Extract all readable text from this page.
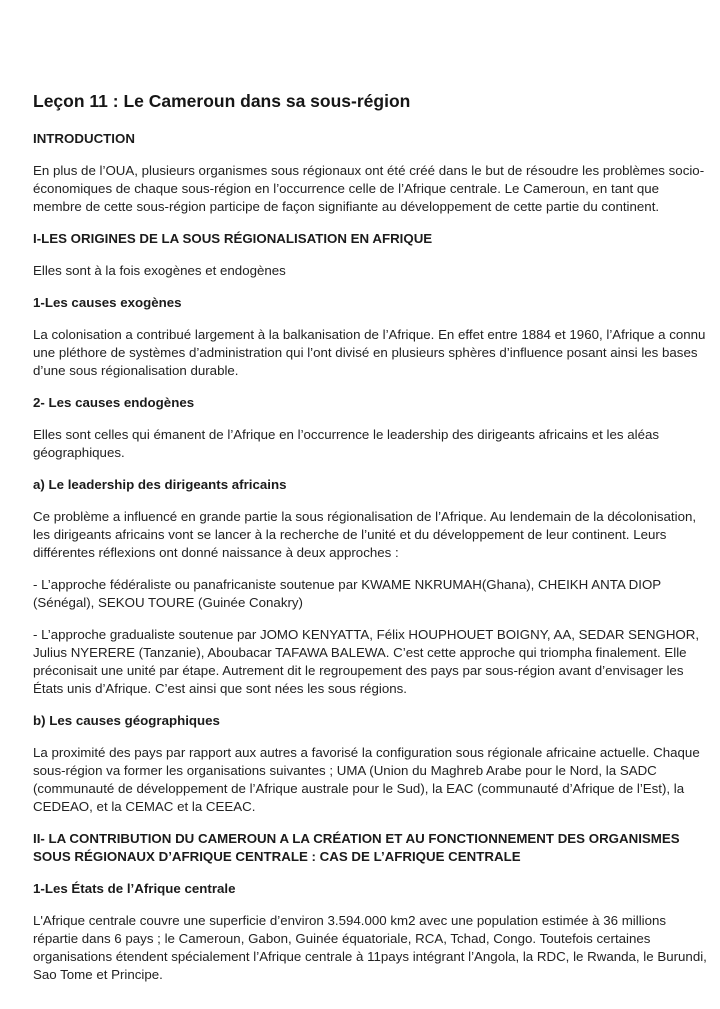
Leçon 11 : Le Cameroun dans sa sous-région
INTRODUCTION

En plus de l’OUA, plusieurs organismes sous régionaux ont été créé dans le but de résoudre les problèmes socio-économiques de chaque sous-région en l’occurrence celle de l’Afrique centrale. Le Cameroun, en tant que membre de cette sous-région participe de façon signifiante au développement de cette partie du continent.

I-LES ORIGINES DE LA SOUS RÉGIONALISATION EN AFRIQUE

Elles sont à la fois exogènes et endogènes

1-Les causes exogènes

La colonisation a contribué largement à la balkanisation de l’Afrique. En effet entre 1884 et 1960, l’Afrique a connu une pléthore de systèmes d’administration qui l’ont divisé en plusieurs sphères d’influence posant ainsi les bases d’une sous régionalisation durable.

2- Les causes endogènes

Elles sont celles qui émanent de l’Afrique en l’occurrence le leadership des dirigeants africains et les aléas géographiques.

a) Le leadership des dirigeants africains

Ce problème a influencé en grande partie la sous régionalisation de l’Afrique. Au lendemain de la décolonisation, les dirigeants africains vont se lancer à la recherche de l’unité et du développement de leur continent. Leurs différentes réflexions ont donné naissance à deux approches :

- L’approche fédéraliste ou panafricaniste soutenue par KWAME NKRUMAH(Ghana), CHEIKH ANTA DIOP (Sénégal), SEKOU TOURE (Guinée Conakry)

- L’approche gradualiste soutenue par JOMO KENYATTA, Félix HOUPHOUET BOIGNY, AA, SEDAR SENGHOR, Julius NYERERE (Tanzanie), Aboubacar TAFAWA BALEWA. C’est cette approche qui triompha finalement. Elle préconisait une unité par étape. Autrement dit le regroupement des pays par sous-région avant d’envisager les États unis d’Afrique. C’est ainsi que sont nées les sous régions.

b) Les causes géographiques

La proximité des pays par rapport aux autres a favorisé la configuration sous régionale africaine actuelle. Chaque sous-région va former les organisations suivantes ; UMA (Union du Maghreb Arabe pour le Nord, la SADC (communauté de développement de l’Afrique australe pour le Sud), la EAC (communauté d’Afrique de l’Est), la CEDEAO, et la CEMAC et la CEEAC.

II- LA CONTRIBUTION DU CAMEROUN A LA CRÉATION ET AU FONCTIONNEMENT DES ORGANISMES SOUS RÉGIONAUX D’AFRIQUE CENTRALE : CAS DE L’AFRIQUE CENTRALE
1-Les États de l’Afrique centrale

L'Afrique centrale couvre une superficie d’environ 3.594.000 km2 avec une population estimée à 36 millions répartie dans 6 pays ; le Cameroun, Gabon, Guinée équatoriale, RCA, Tchad, Congo. Toutefois certaines organisations étendent spécialement l’Afrique centrale à 11pays intégrant l’Angola, la RDC, le Rwanda, le Burundi, Sao Tome et Principe.
